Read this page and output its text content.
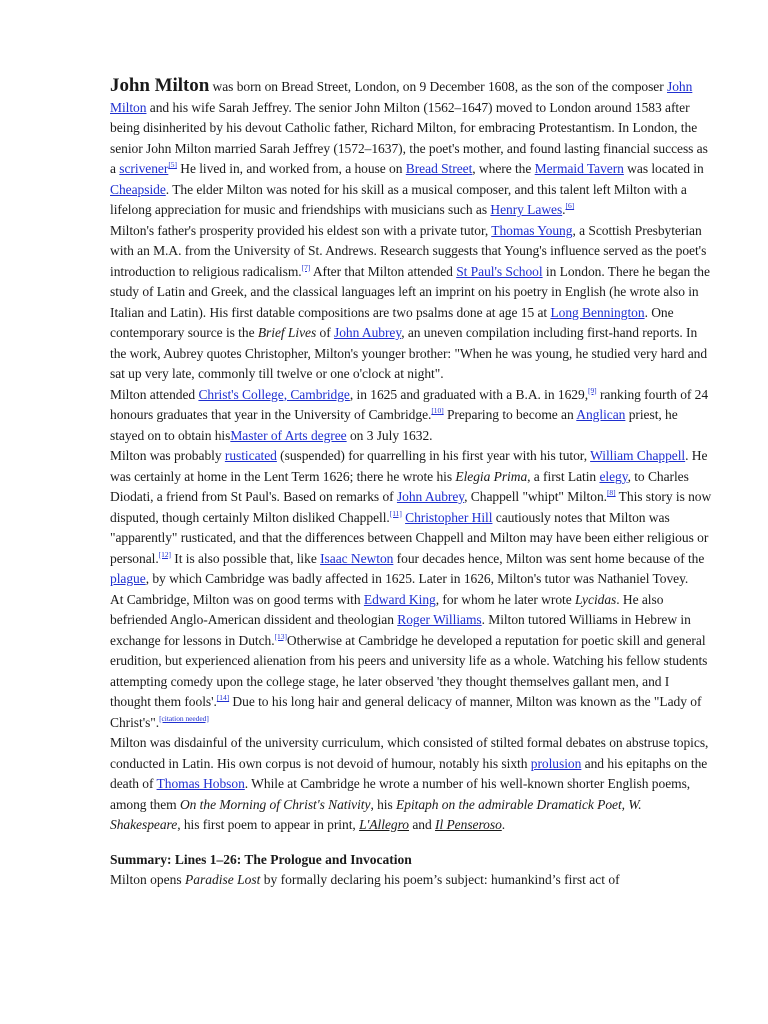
John Milton was born on Bread Street, London, on 9 December 1608, as the son of the composer John Milton and his wife Sarah Jeffrey. The senior John Milton (1562–1647) moved to London around 1583 after being disinherited by his devout Catholic father, Richard Milton, for embracing Protestantism. In London, the senior John Milton married Sarah Jeffrey (1572–1637), the poet's mother, and found lasting financial success as a scrivener[5] He lived in, and worked from, a house on Bread Street, where the Mermaid Tavern was located in Cheapside. The elder Milton was noted for his skill as a musical composer, and this talent left Milton with a lifelong appreciation for music and friendships with musicians such as Henry Lawes.[6]

Milton's father's prosperity provided his eldest son with a private tutor, Thomas Young, a Scottish Presbyterian with an M.A. from the University of St. Andrews. Research suggests that Young's influence served as the poet's introduction to religious radicalism.[7] After that Milton attended St Paul's School in London. There he began the study of Latin and Greek, and the classical languages left an imprint on his poetry in English (he wrote also in Italian and Latin). His first datable compositions are two psalms done at age 15 at Long Bennington. One contemporary source is the Brief Lives of John Aubrey, an uneven compilation including first-hand reports. In the work, Aubrey quotes Christopher, Milton's younger brother: "When he was young, he studied very hard and sat up very late, commonly till twelve or one o'clock at night".

Milton attended Christ's College, Cambridge, in 1625 and graduated with a B.A. in 1629,[9] ranking fourth of 24 honours graduates that year in the University of Cambridge.[10] Preparing to become an Anglican priest, he stayed on to obtain hisMaster of Arts degree on 3 July 1632.

Milton was probably rusticated (suspended) for quarrelling in his first year with his tutor, William Chappell. He was certainly at home in the Lent Term 1626; there he wrote his Elegia Prima, a first Latin elegy, to Charles Diodati, a friend from St Paul's. Based on remarks of John Aubrey, Chappell "whipt" Milton.[8] This story is now disputed, though certainly Milton disliked Chappell.[11] Christopher Hill cautiously notes that Milton was "apparently" rusticated, and that the differences between Chappell and Milton may have been either religious or personal.[12] It is also possible that, like Isaac Newton four decades hence, Milton was sent home because of the plague, by which Cambridge was badly affected in 1625. Later in 1626, Milton's tutor was Nathaniel Tovey.

At Cambridge, Milton was on good terms with Edward King, for whom he later wrote Lycidas. He also befriended Anglo-American dissident and theologian Roger Williams. Milton tutored Williams in Hebrew in exchange for lessons in Dutch.[13]Otherwise at Cambridge he developed a reputation for poetic skill and general erudition, but experienced alienation from his peers and university life as a whole. Watching his fellow students attempting comedy upon the college stage, he later observed 'they thought themselves gallant men, and I thought them fools'.[14] Due to his long hair and general delicacy of manner, Milton was known as the "Lady of Christ's".[citation needed]

Milton was disdainful of the university curriculum, which consisted of stilted formal debates on abstruse topics, conducted in Latin. His own corpus is not devoid of humour, notably his sixth prolusion and his epitaphs on the death of Thomas Hobson. While at Cambridge he wrote a number of his well-known shorter English poems, among them On the Morning of Christ's Nativity, his Epitaph on the admirable Dramatick Poet, W. Shakespeare, his first poem to appear in print, L'Allegro and Il Penseroso.

Summary: Lines 1–26: The Prologue and Invocation

Milton opens Paradise Lost by formally declaring his poem’s subject: humankind’s first act of
